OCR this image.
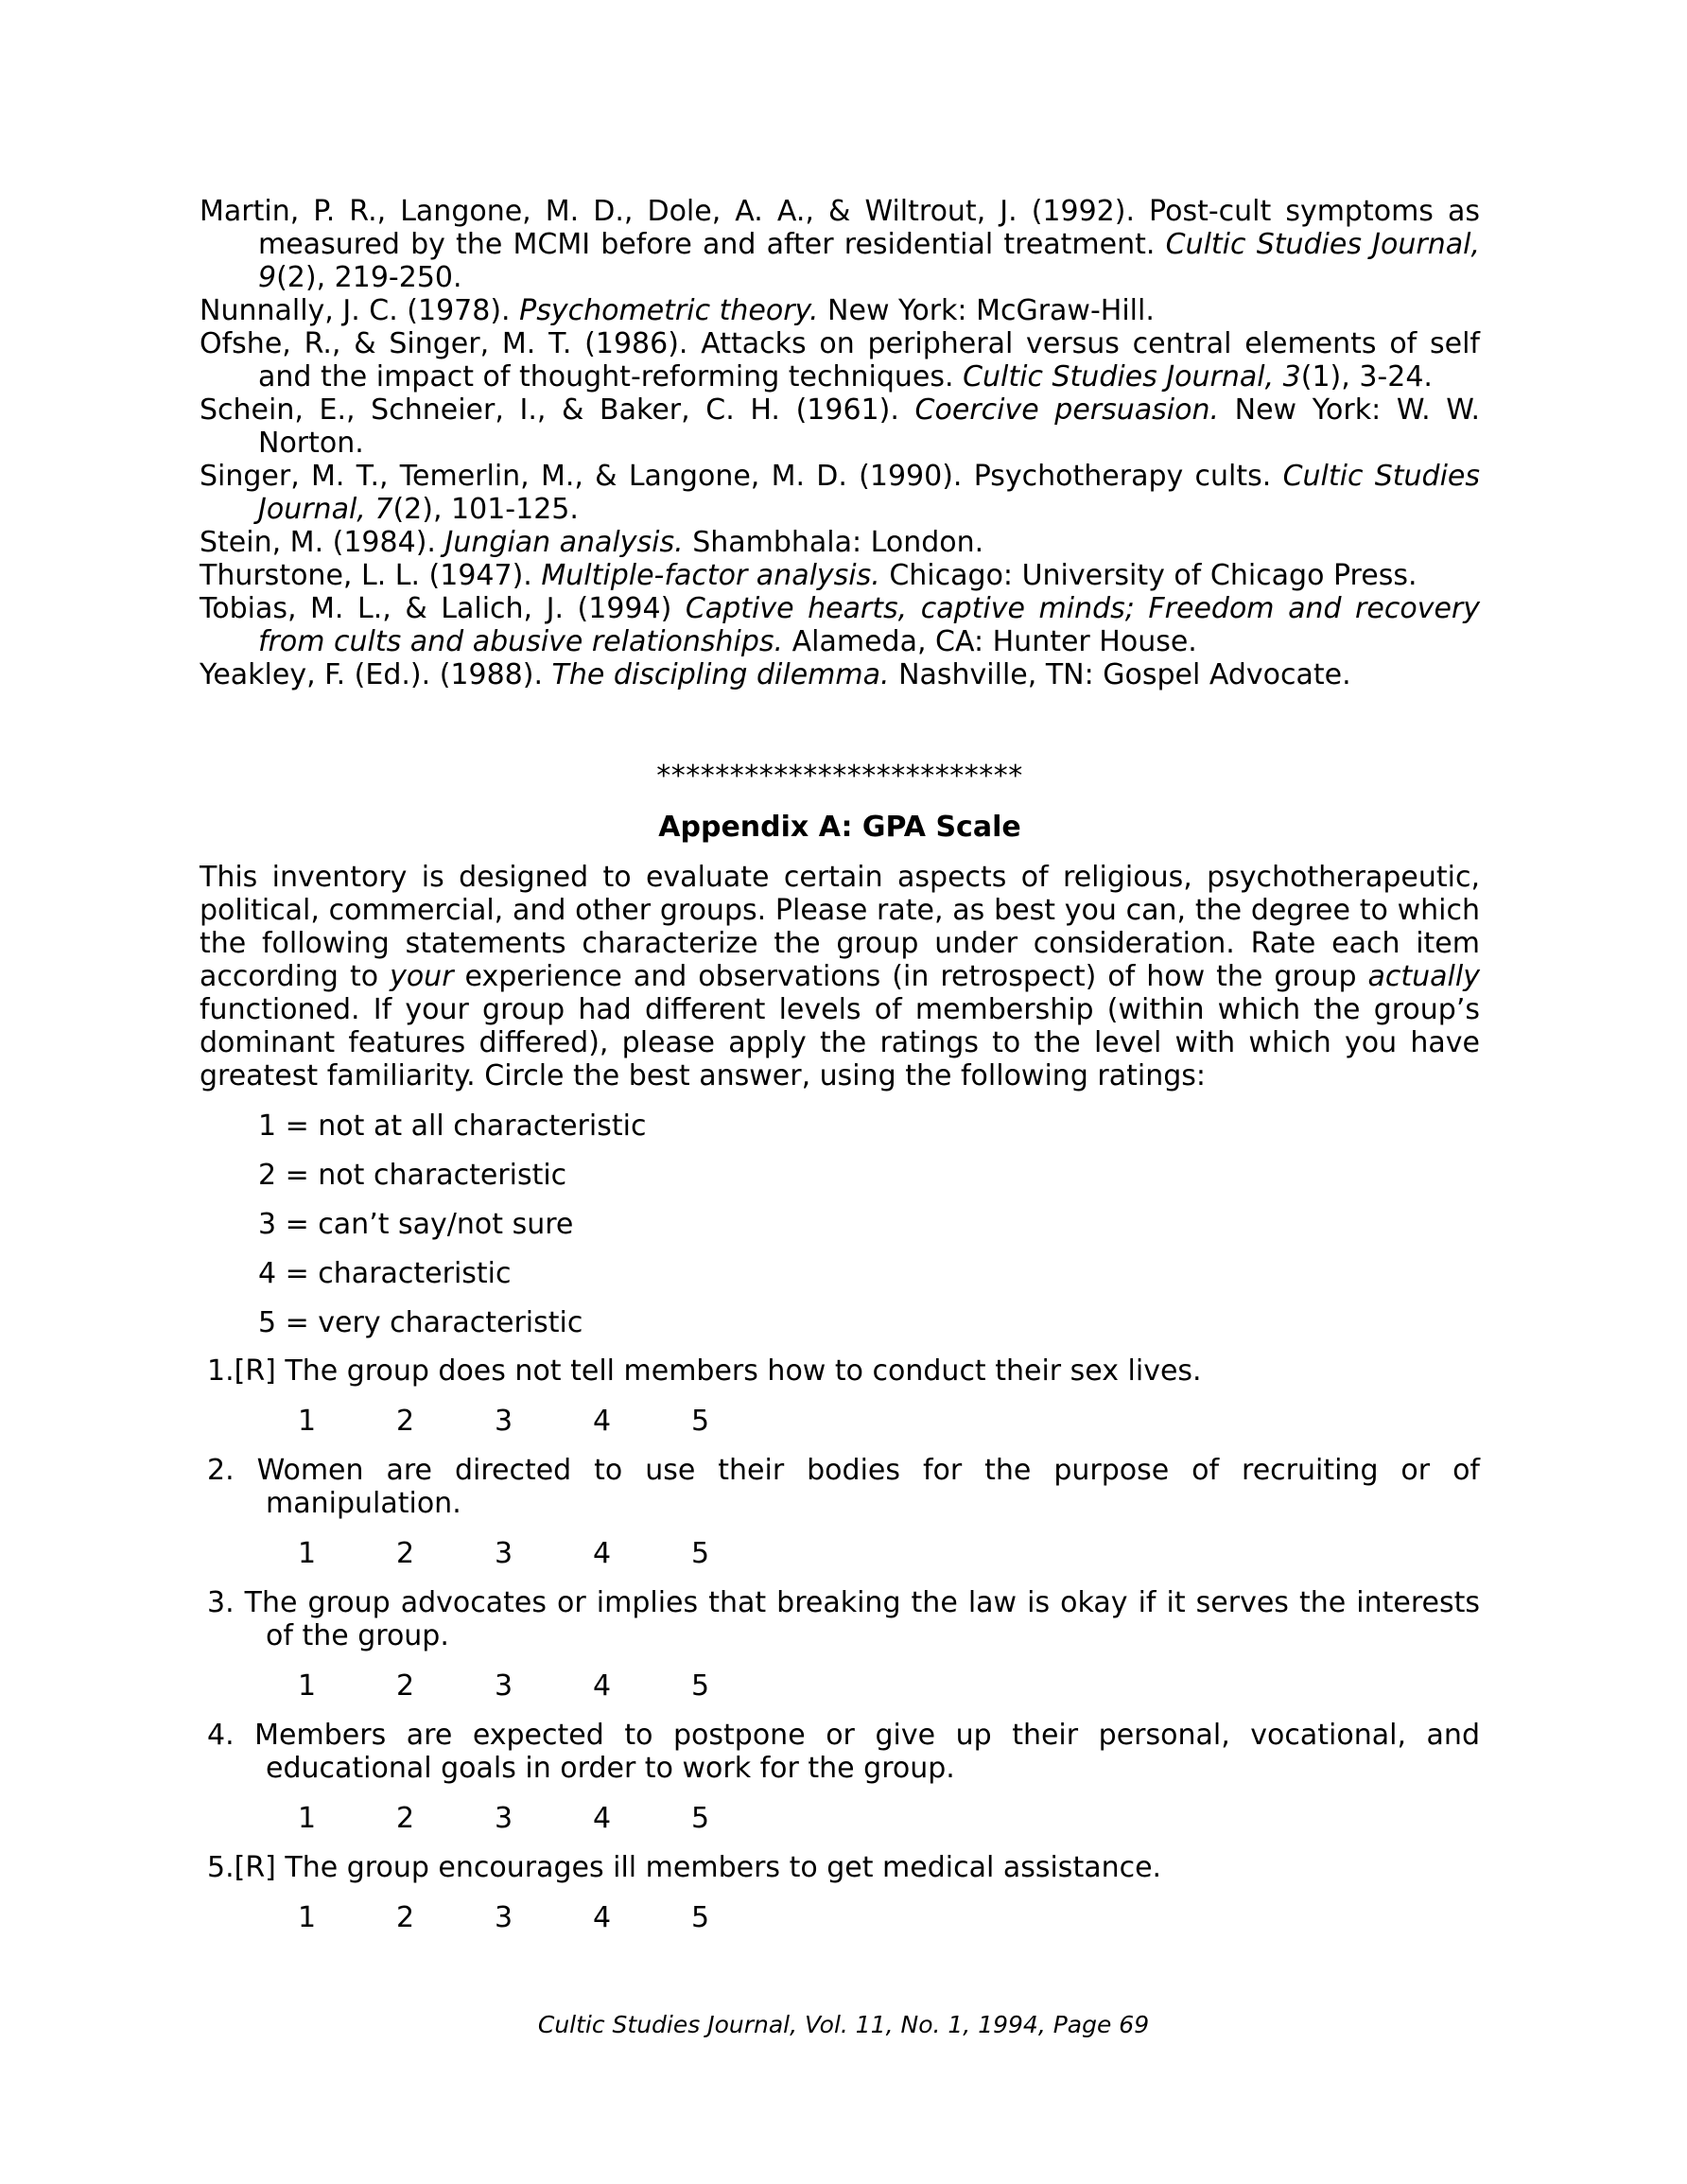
Martin, P. R., Langone, M. D., Dole, A. A., & Wiltrout, J. (1992). Post-cult symptoms as measured by the MCMI before and after residential treatment. Cultic Studies Journal, 9(2), 219-250.

Nunnally, J. C. (1978). Psychometric theory. New York: McGraw-Hill.

Ofshe, R., & Singer, M. T. (1986). Attacks on peripheral versus central elements of self and the impact of thought-reforming techniques. Cultic Studies Journal, 3(1), 3-24.

Schein, E., Schneier, I., & Baker, C. H. (1961). Coercive persuasion. New York: W. W. Norton.

Singer, M. T., Temerlin, M., & Langone, M. D. (1990). Psychotherapy cults. Cultic Studies Journal, 7(2), 101-125.

Stein, M. (1984). Jungian analysis. Shambhala: London.

Thurstone, L. L. (1947). Multiple-factor analysis. Chicago: University of Chicago Press.

Tobias, M. L., & Lalich, J. (1994) Captive hearts, captive minds; Freedom and recovery from cults and abusive relationships. Alameda, CA: Hunter House.

Yeakley, F. (Ed.). (1988). The discipling dilemma. Nashville, TN: Gospel Advocate.

*************************
Appendix A: GPA Scale

This inventory is designed to evaluate certain aspects of religious, psychotherapeutic, political, commercial, and other groups. Please rate, as best you can, the degree to which the following statements characterize the group under consideration. Rate each item according to your experience and observations (in retrospect) of how the group actually functioned. If your group had different levels of membership (within which the group’s dominant features differed), please apply the ratings to the level with which you have greatest familiarity. Circle the best answer, using the following ratings:

1 = not at all characteristic
2 = not characteristic
3 = can’t say/not sure
4 = characteristic
5 = very characteristic
1.[R] The group does not tell members how to conduct their sex lives.
1	2	3	4	5
2. Women are directed to use their bodies for the purpose of recruiting or of manipulation.
1	2	3	4	5
3. The group advocates or implies that breaking the law is okay if it serves the interests of the group.
1	2	3	4	5
4. Members are expected to postpone or give up their personal, vocational, and educational goals in order to work for the group.
1	2	3	4	5
5.[R] The group encourages ill members to get medical assistance.
1	2	3	4	5
Cultic Studies Journal, Vol. 11, No. 1, 1994, Page 69
